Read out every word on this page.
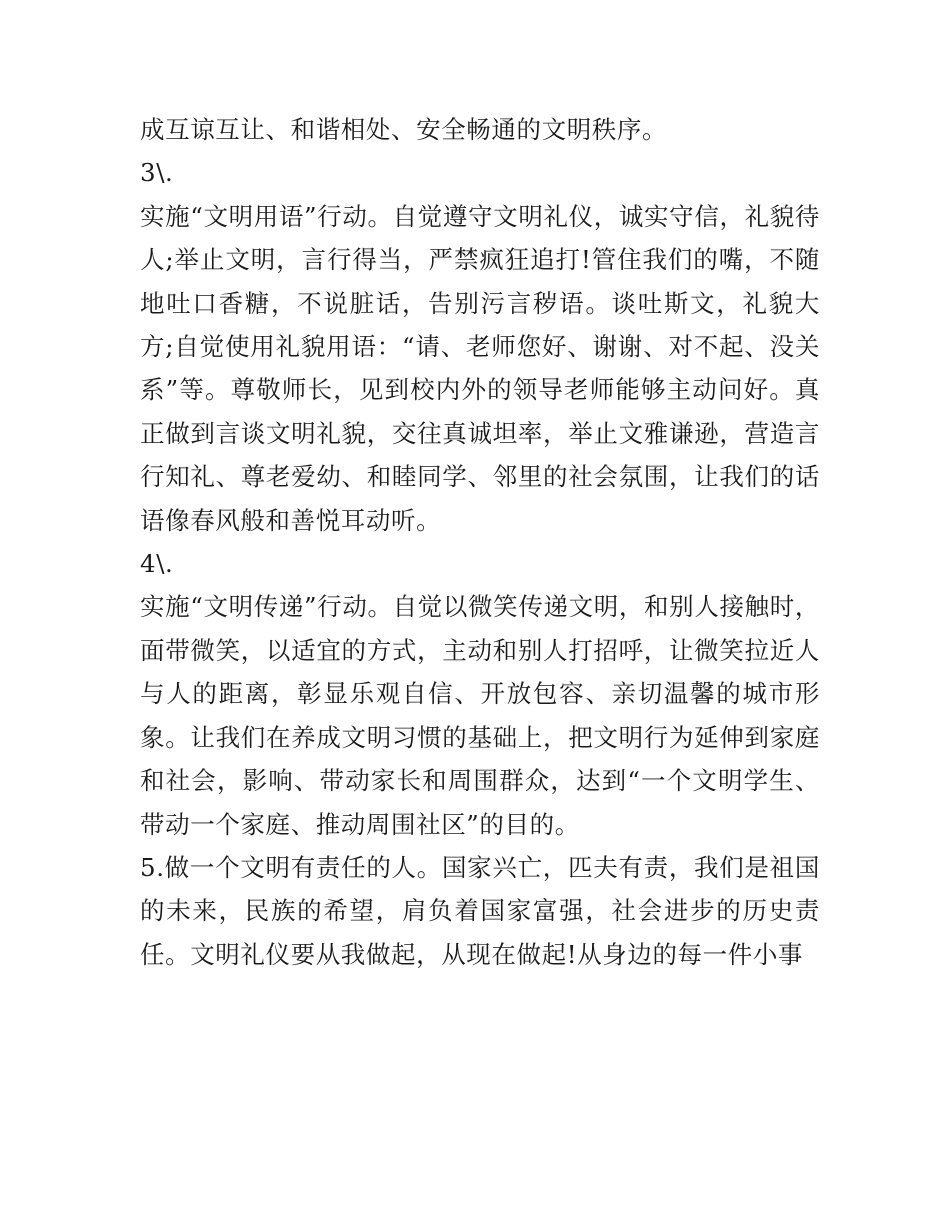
成互谅互让、和谐相处、安全畅通的文明秩序。

3\.

实施“文明用语”行动。自觉遵守文明礼仪，诚实守信，礼貌待人;举止文明，言行得当，严禁疯狂追打!管住我们的嘴，不随地吐口香糖，不说脏话，告别污言秽语。谈吐斯文，礼貌大方;自觉使用礼貌用语：“请、老师您好、谢谢、对不起、没关系”等。尊敬师长，见到校内外的领导老师能够主动问好。真正做到言谈文明礼貌，交往真诚坦率，举止文雅谦逊，营造言行知礼、尊老爱幼、和睦同学、邻里的社会氛围，让我们的话语像春风般和善悦耳动听。

4\.

实施“文明传递”行动。自觉以微笑传递文明，和别人接触时，面带微笑，以适宜的方式，主动和别人打招呼，让微笑拉近人与人的距离，彰显乐观自信、开放包容、亲切温馨的城市形象。让我们在养成文明习惯的基础上，把文明行为延伸到家庭和社会，影响、带动家长和周围群众，达到“一个文明学生、带动一个家庭、推动周围社区”的目的。

5.做一个文明有责任的人。国家兴亡，匹夫有责，我们是祖国的未来，民族的希望，肩负着国家富强，社会进步的历史责任。文明礼仪要从我做起，从现在做起!从身边的每一件小事
